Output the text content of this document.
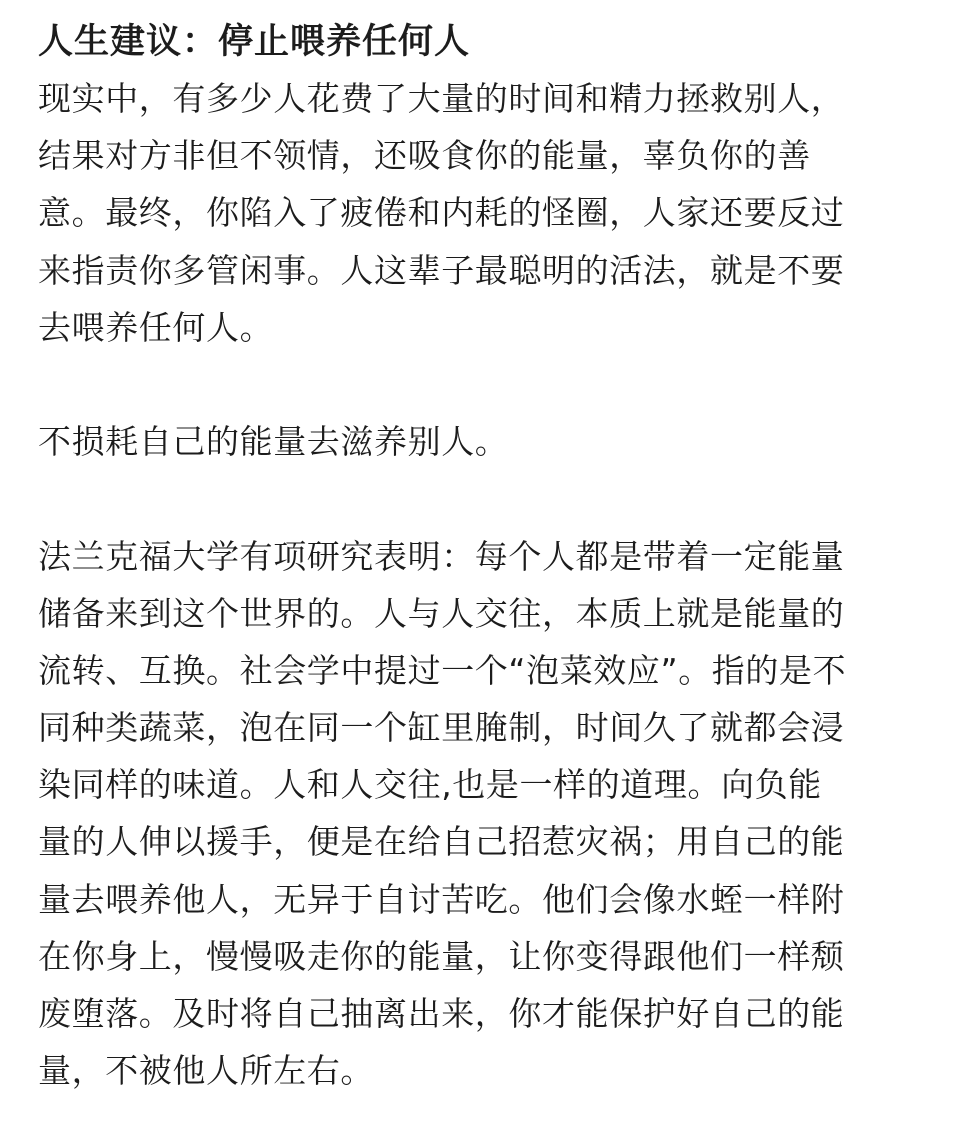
人生建议：停止喂养任何人
现实中，有多少人花费了大量的时间和精力拯救别人，
结果对方非但不领情，还吸食你的能量，辜负你的善
意。最终，你陷入了疲倦和内耗的怪圈，人家还要反过
来指责你多管闲事。人这辈子最聪明的活法，就是不要
去喂养任何人。
不损耗自己的能量去滋养别人。
法兰克福大学有项研究表明：每个人都是带着一定能量
储备来到这个世界的。人与人交往，本质上就是能量的
流转、互换。社会学中提过一个“泡菜效应”。指的是不
同种类蔬菜，泡在同一个缸里腌制，时间久了就都会浸
染同样的味道。人和人交往,也是一样的道理。向负能
量的人伸以援手，便是在给自己招惹灾祸；用自己的能
量去喂养他人，无异于自讨苦吃。他们会像水蛭一样附
在你身上，慢慢吸走你的能量，让你变得跟他们一样颓
废堕落。及时将自己抽离出来，你才能保护好自己的能
量，不被他人所左右。
